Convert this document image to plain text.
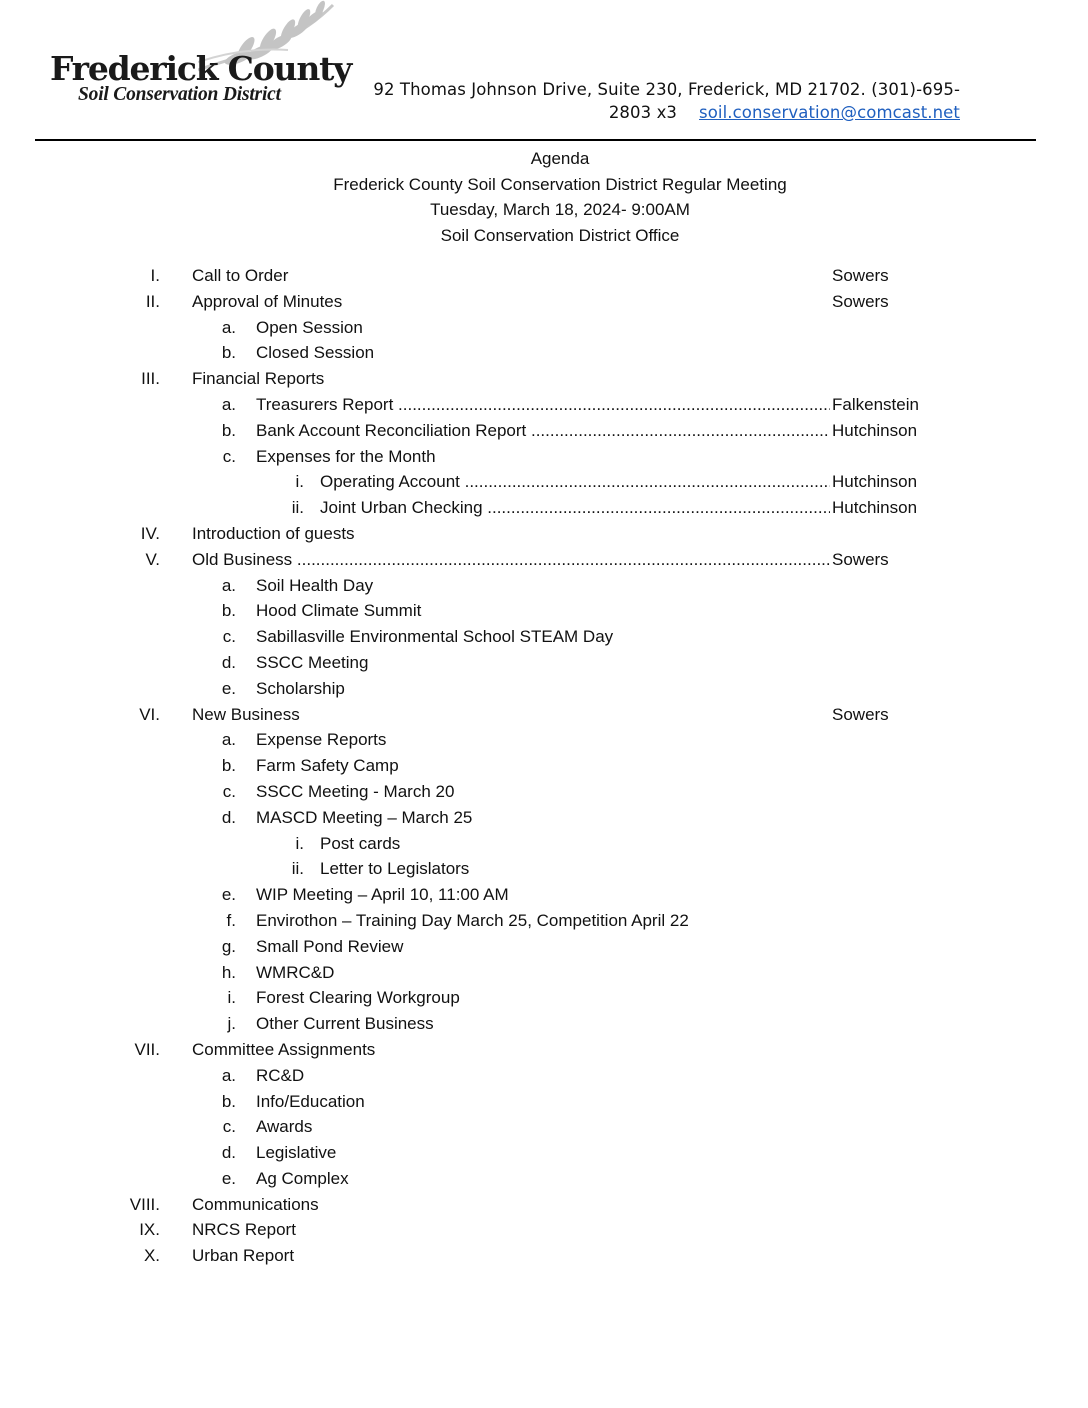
Frederick County
Soil Conservation District	92 Thomas Johnson Drive, Suite 230, Frederick, MD 21702. (301)-695-
2803 x3 soil.conservation@comcast.net
Agenda
Frederick County Soil Conservation District Regular Meeting
Tuesday, March 18, 2024- 9:00AM
Soil Conservation District Office
I. Call to Order	Sowers
II. Approval of Minutes	Sowers
a. Open Session
b. Closed Session
III. Financial Reports
a. Treasurers Report .....	Falkenstein
b. Bank Account Reconciliation Report .....	Hutchinson
c. Expenses for the Month
i. Operating Account .....	Hutchinson
ii. Joint Urban Checking .....	Hutchinson
IV. Introduction of guests
V. Old Business .....	Sowers
a. Soil Health Day
b. Hood Climate Summit
c. Sabillasville Environmental School STEAM Day
d. SSCC Meeting
e. Scholarship
VI. New Business	Sowers
a. Expense Reports
b. Farm Safety Camp
c. SSCC Meeting - March 20
d. MASCD Meeting – March 25
i. Post cards
ii. Letter to Legislators
e. WIP Meeting – April 10, 11:00 AM
f. Envirothon – Training Day March 25, Competition April 22
g. Small Pond Review
h. WMRC&D
i. Forest Clearing Workgroup
j. Other Current Business
VII. Committee Assignments
a. RC&D
b. Info/Education
c. Awards
d. Legislative
e. Ag Complex
VIII. Communications
IX. NRCS Report
X. Urban Report
